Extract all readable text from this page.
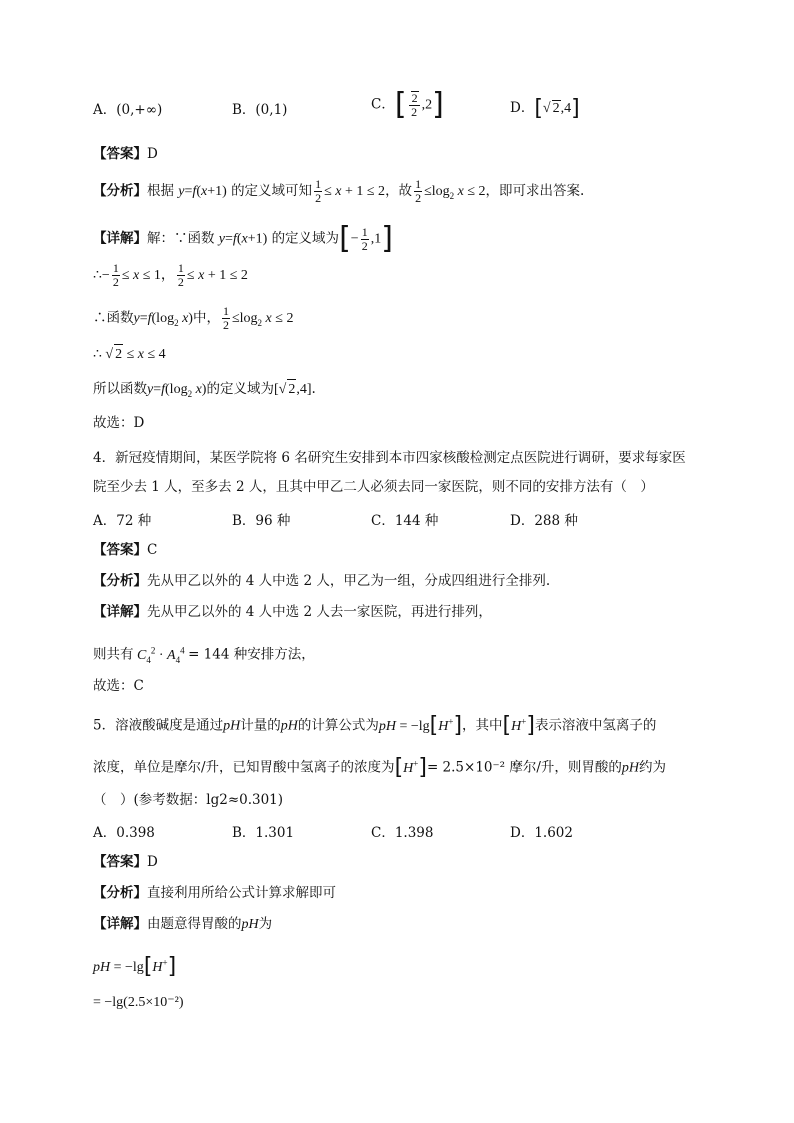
A．(0,+∞)	B．(0,1)	C．[ $\frac{2}{2} ,2$]	D．[√ 2,4]
【答案】D
【分析】根据 y=f(x+1) 的定义域可知 $\frac{1}{2} \le x + 1 \le 2$，故 $\frac{1}{2} \le\log_2$ x ≤ 2，即可求出答案.
【详解】解：∵函数 y=f(x+1) 的定义域为[− $\frac{1}{2} ,1$]
∴− $\frac{1}{2} \le x \le 1$， $\frac{1}{2} \le x + 1 \le 2$
∴函数$y=f(\log_2$ x)中， $\frac{1}{2} \le\log_2$ x ≤ 2
∴ √ 2 ≤ x ≤ 4
所以函数$y=f(\log_2$ x)的定义域为[√ 2,4].
故选：D
4．新冠疫情期间，某医学院将 6 名研究生安排到本市四家核酸检测定点医院进行调研，要求每家医
院至少去 1 人，至多去 2 人，且其中甲乙二人必须去同一家医院，则不同的安排方法有（　）
A．72 种	B．96 种	C．144 种	D．288 种
【答案】C
【分析】先从甲乙以外的 4 人中选 2 人，甲乙为一组，分成四组进行全排列.
【详解】先从甲乙以外的 4 人中选 2 人去一家医院，再进行排列，
则共有 $C_4^2 \cdot A_4^4 = 144$ 种安排方法，
故选：C
5．溶液酸碱度是通过pH计量的pH的计算公式为pH = −lg[H+]，其中[H+]表示溶液中氢离子的
浓度，单位是摩尔/升，已知胃酸中氢离子的浓度为[H+]= 2.5×10⁻² 摩尔/升，则胃酸的pH约为
（　）(参考数据：lg2≈0.301)
A．0.398	B．1.301	C．1.398	D．1.602
【答案】D
【分析】直接利用所给公式计算求解即可
【详解】由题意得胃酸的pH为
pH = −lg[H+]
= −lg(2.5×10⁻²)
